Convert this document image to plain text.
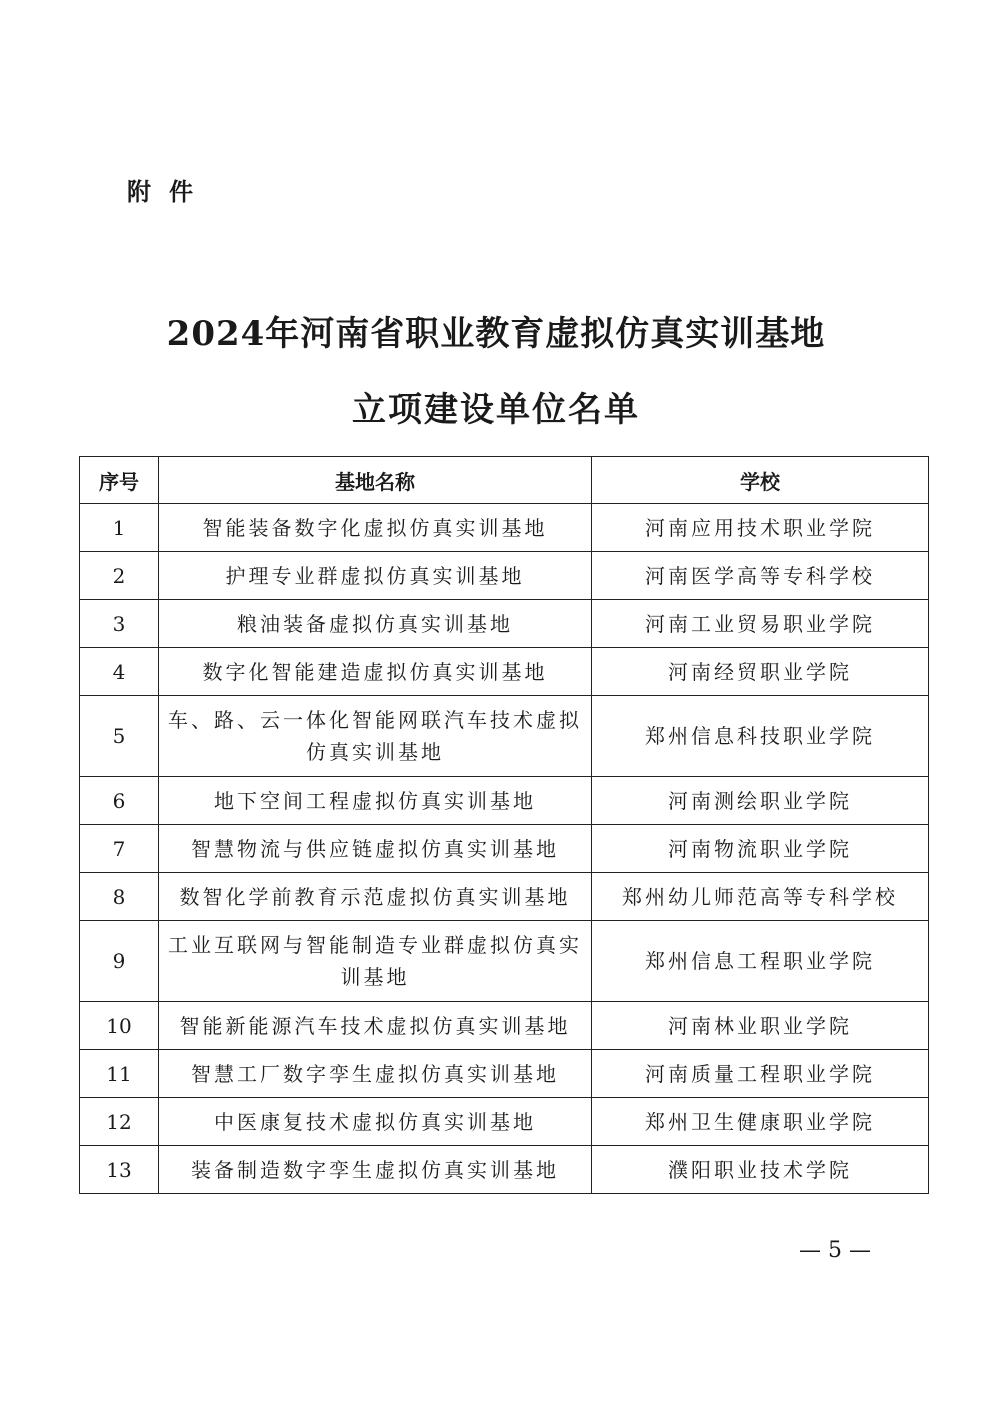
附件
2024年河南省职业教育虚拟仿真实训基地
立项建设单位名单
序号	基地名称	学校
1	智能装备数字化虚拟仿真实训基地	河南应用技术职业学院
2	护理专业群虚拟仿真实训基地	河南医学高等专科学校
3	粮油装备虚拟仿真实训基地	河南工业贸易职业学院
4	数字化智能建造虚拟仿真实训基地	河南经贸职业学院
5	车、路、云一体化智能网联汽车技术虚拟仿真实训基地	郑州信息科技职业学院
6	地下空间工程虚拟仿真实训基地	河南测绘职业学院
7	智慧物流与供应链虚拟仿真实训基地	河南物流职业学院
8	数智化学前教育示范虚拟仿真实训基地	郑州幼儿师范高等专科学校
9	工业互联网与智能制造专业群虚拟仿真实训基地	郑州信息工程职业学院
10	智能新能源汽车技术虚拟仿真实训基地	河南林业职业学院
11	智慧工厂数字孪生虚拟仿真实训基地	河南质量工程职业学院
12	中医康复技术虚拟仿真实训基地	郑州卫生健康职业学院
13	装备制造数字孪生虚拟仿真实训基地	濮阳职业技术学院
— 5 —
